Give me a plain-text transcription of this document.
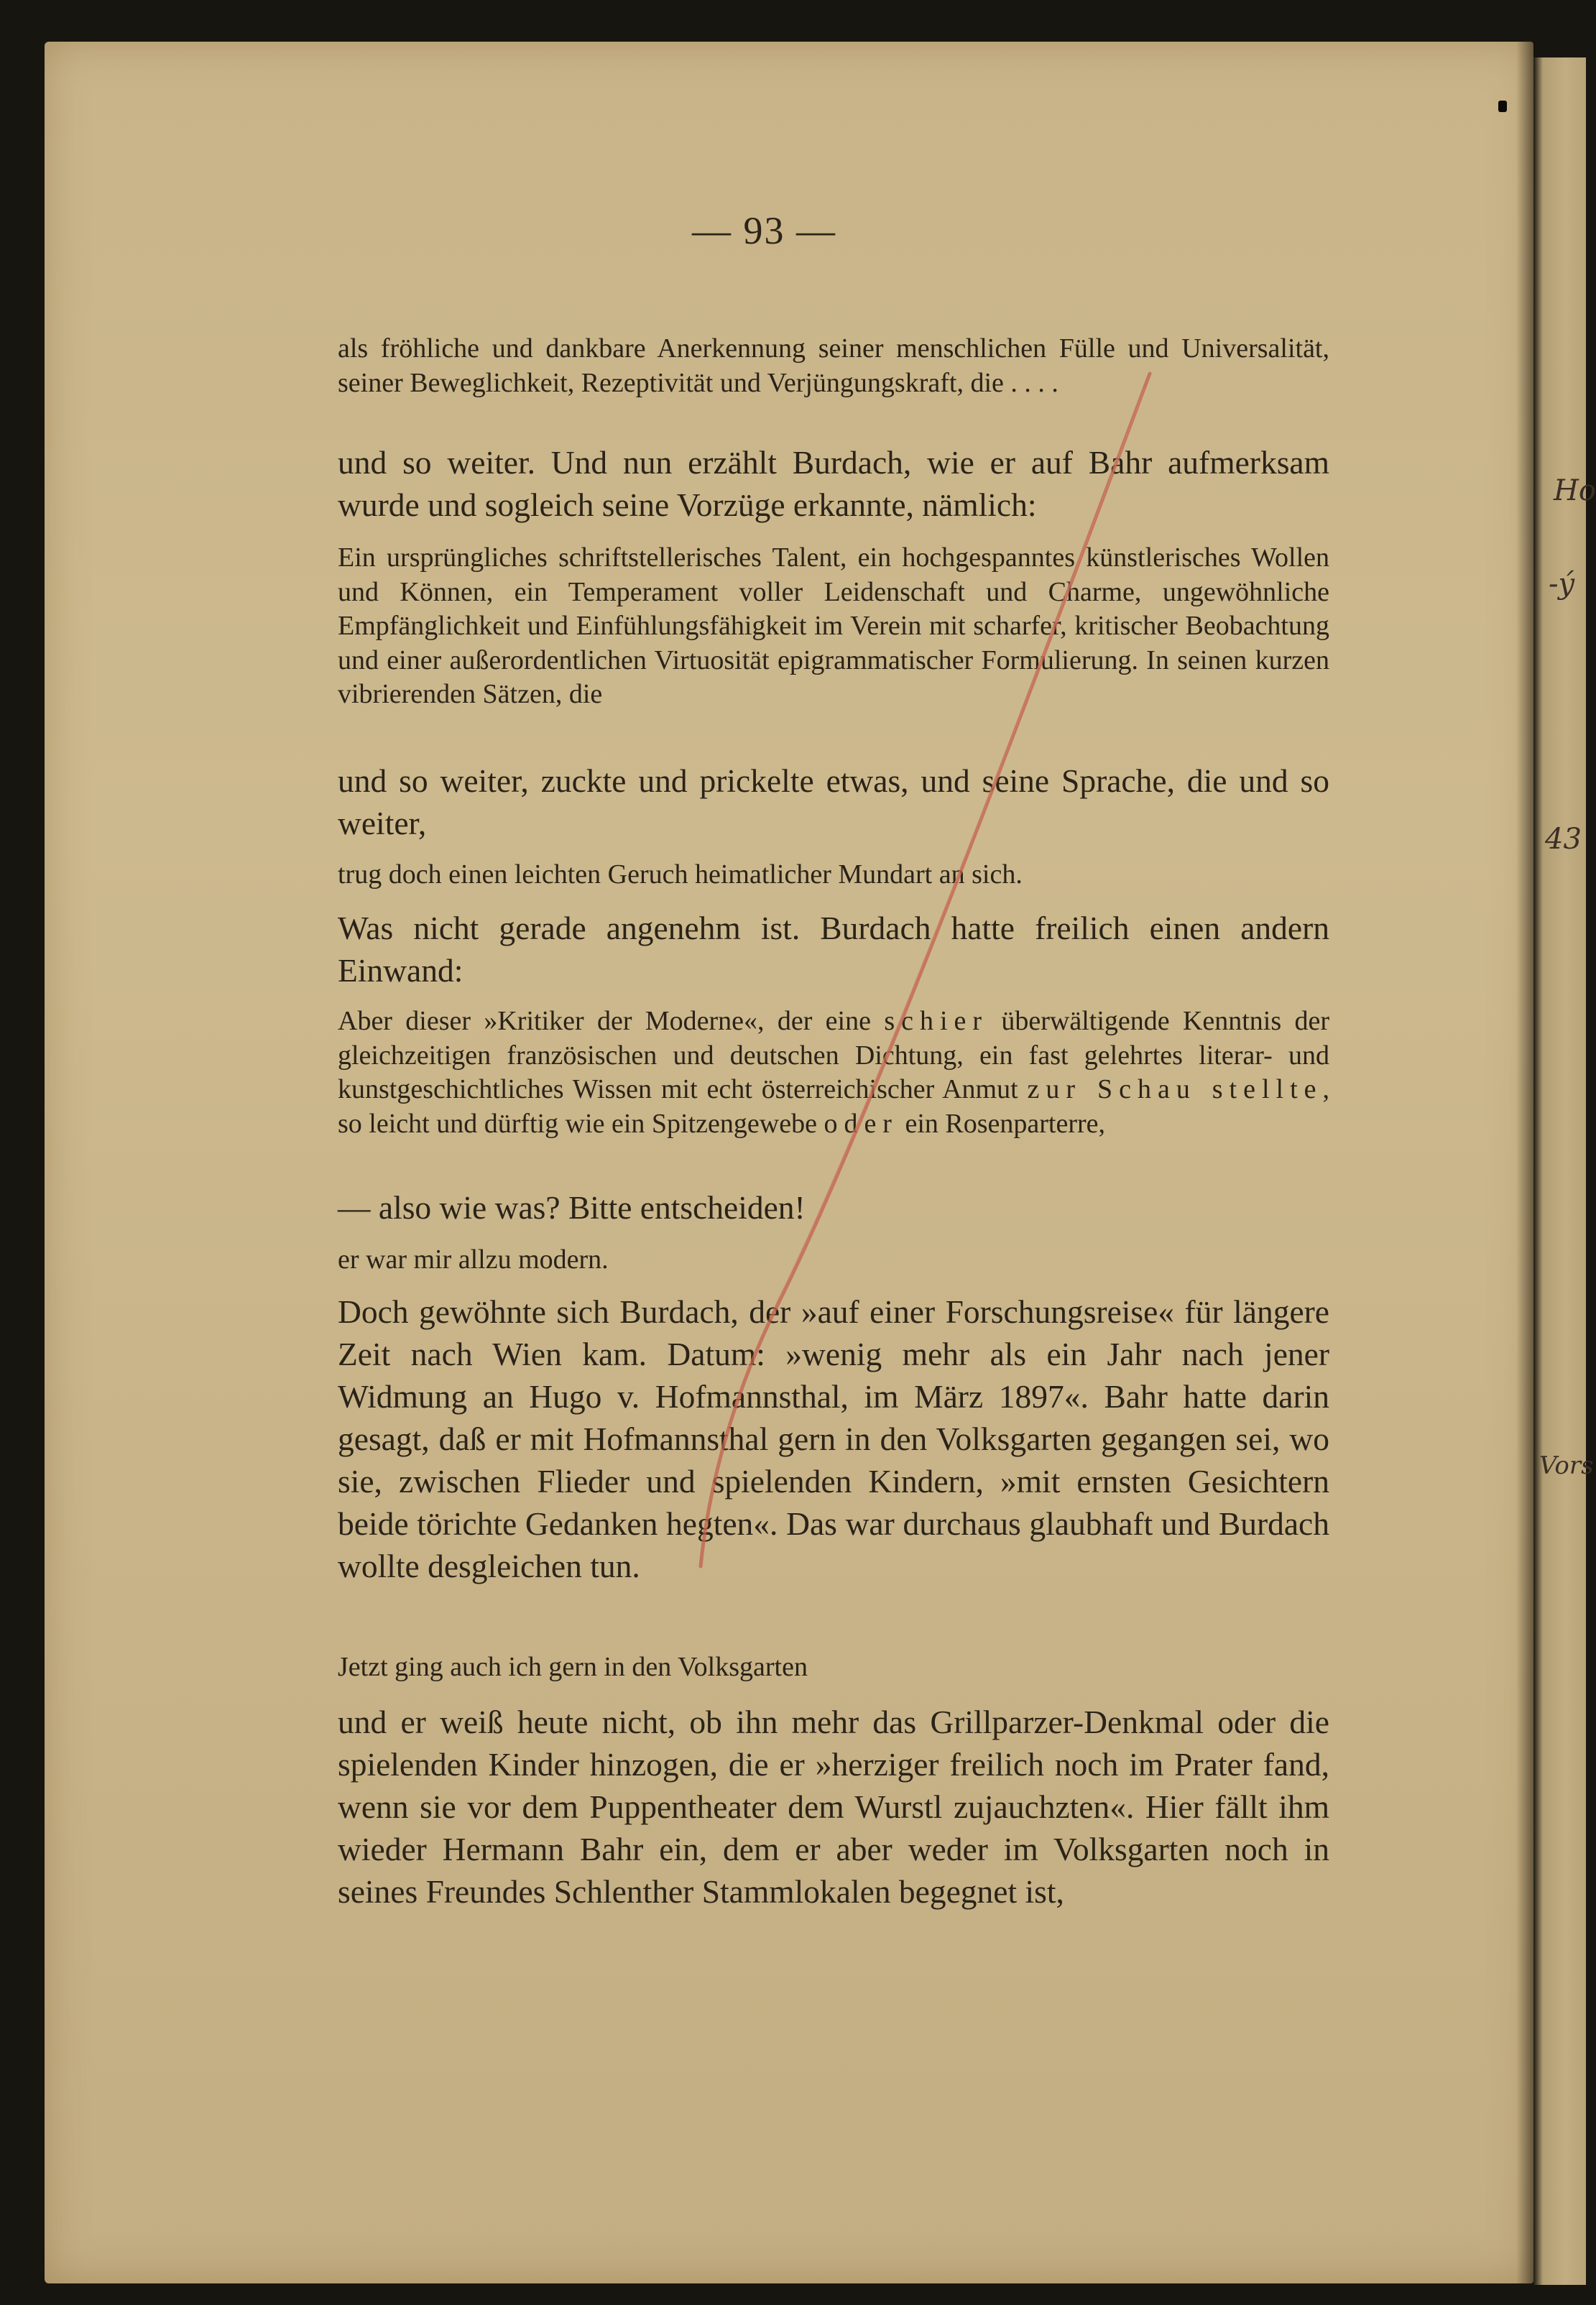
— 93 —

als fröhliche und dankbare Anerkennung seiner menschlichen Fülle und Universalität, seiner Beweglichkeit, Rezeptivität und Verjüngungskraft, die . . . .

und so weiter. Und nun erzählt Burdach, wie er auf Bahr aufmerksam wurde und sogleich seine Vorzüge erkannte, nämlich:

Ein ursprüngliches schriftstellerisches Talent, ein hochgespanntes künstlerisches Wollen und Können, ein Temperament voller Leidenschaft und Charme, ungewöhnliche Empfänglichkeit und Einfühlungsfähigkeit im Verein mit scharfer, kritischer Beobachtung und einer außerordentlichen Virtuosität epigrammatischer Formulierung. In seinen kurzen vibrierenden Sätzen, die

und so weiter, zuckte und prickelte etwas, und seine Sprache, die und so weiter,

trug doch einen leichten Geruch heimatlicher Mundart an sich.

Was nicht gerade angenehm ist. Burdach hatte freilich einen andern Einwand:

Aber dieser »Kritiker der Moderne«, der eine schier überwältigende Kenntnis der gleichzeitigen französischen und deutschen Dichtung, ein fast gelehrtes literar- und kunstgeschichtliches Wissen mit echt österreichischer Anmut zur Schau stellte, so leicht und dürftig wie ein Spitzengewebe oder ein Rosenparterre,

— also wie was? Bitte entscheiden!

er war mir allzu modern.

Doch gewöhnte sich Burdach, der »auf einer Forschungsreise« für längere Zeit nach Wien kam. Datum: »wenig mehr als ein Jahr nach jener Widmung an Hugo v. Hofmannsthal, im März 1897«. Bahr hatte darin gesagt, daß er mit Hofmannsthal gern in den Volksgarten gegangen sei, wo sie, zwischen Flieder und spielenden Kindern, »mit ernsten Gesichtern beide törichte Gedanken hegten«. Das war durchaus glaubhaft und Burdach wollte desgleichen tun.

Jetzt ging auch ich gern in den Volksgarten

und er weiß heute nicht, ob ihn mehr das Grillparzer-Denkmal oder die spielenden Kinder hinzogen, die er »herziger freilich noch im Prater fand, wenn sie vor dem Puppentheater dem Wurstl zujauchzten«. Hier fällt ihm wieder Hermann Bahr ein, dem er aber weder im Volksgarten noch in seines Freundes Schlenther Stammlokalen begegnet ist,

Ho
-ý
43
Vors
